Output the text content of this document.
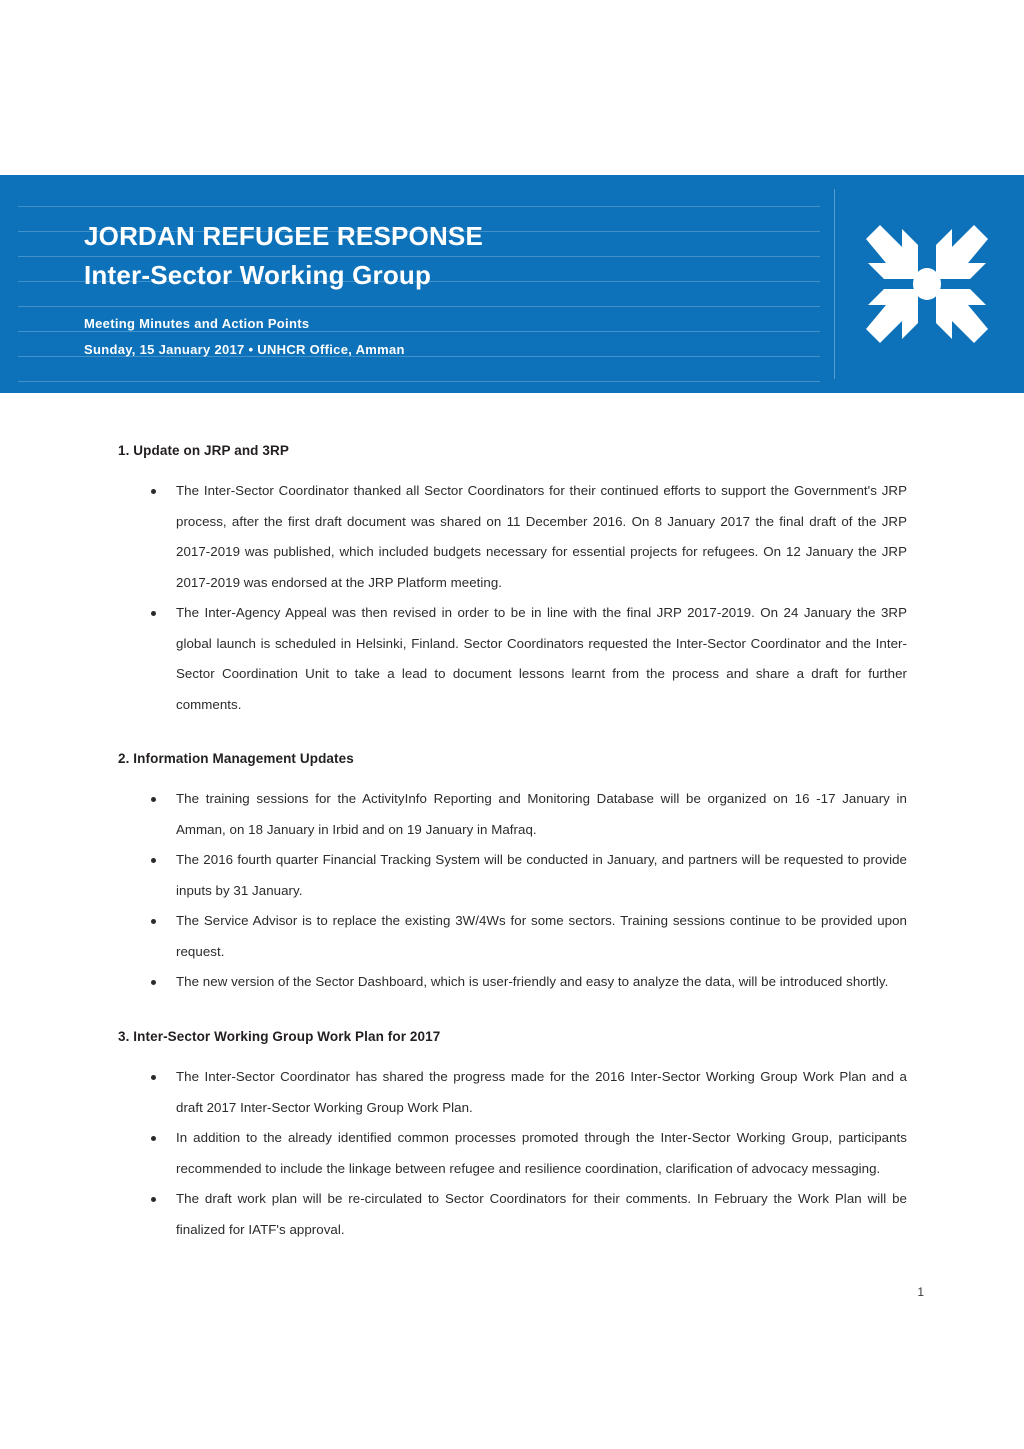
JORDAN REFUGEE RESPONSE
Inter-Sector Working Group
Meeting Minutes and Action Points
Sunday, 15 January 2017 • UNHCR Office, Amman
1. Update on JRP and 3RP
The Inter-Sector Coordinator thanked all Sector Coordinators for their continued efforts to support the Government's JRP process, after the first draft document was shared on 11 December 2016. On 8 January 2017 the final draft of the JRP 2017-2019 was published, which included budgets necessary for essential projects for refugees. On 12 January the JRP 2017-2019 was endorsed at the JRP Platform meeting.
The Inter-Agency Appeal was then revised in order to be in line with the final JRP 2017-2019. On 24 January the 3RP global launch is scheduled in Helsinki, Finland. Sector Coordinators requested the Inter-Sector Coordinator and the Inter-Sector Coordination Unit to take a lead to document lessons learnt from the process and share a draft for further comments.
2. Information Management Updates
The training sessions for the ActivityInfo Reporting and Monitoring Database will be organized on 16 -17 January in Amman, on 18 January in Irbid and on 19 January in Mafraq.
The 2016 fourth quarter Financial Tracking System will be conducted in January, and partners will be requested to provide inputs by 31 January.
The Service Advisor is to replace the existing 3W/4Ws for some sectors. Training sessions continue to be provided upon request.
The new version of the Sector Dashboard, which is user-friendly and easy to analyze the data, will be introduced shortly.
3. Inter-Sector Working Group Work Plan for 2017
The Inter-Sector Coordinator has shared the progress made for the 2016 Inter-Sector Working Group Work Plan and a draft 2017 Inter-Sector Working Group Work Plan.
In addition to the already identified common processes promoted through the Inter-Sector Working Group, participants recommended to include the linkage between refugee and resilience coordination, clarification of advocacy messaging.
The draft work plan will be re-circulated to Sector Coordinators for their comments. In February the Work Plan will be finalized for IATF's approval.
1
